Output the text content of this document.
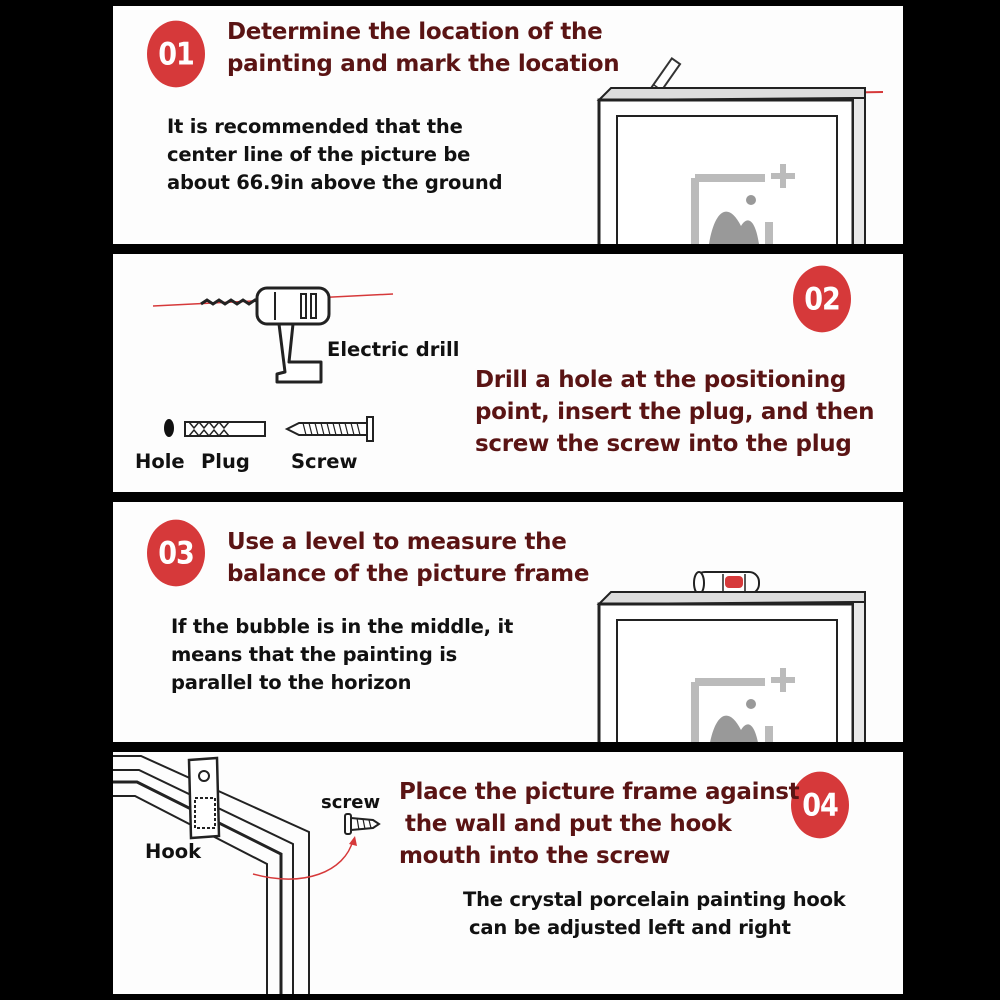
01
Determine the location of the
painting and mark the location
It is recommended that the
center line of the picture be
about 66.9in above the ground
02
Drill a hole at the positioning
point, insert the plug, and then
screw the screw into the plug
Electric drill
Hole Plug Screw
03	Use a level to measure the
balance of the picture frame
If the bubble is in the middle, it
means that the painting is
parallel to the horizon
04
Place the picture frame against
the wall and put the hook
mouth into the screw
The crystal porcelain painting hook
can be adjusted left and right
Hook
screw
